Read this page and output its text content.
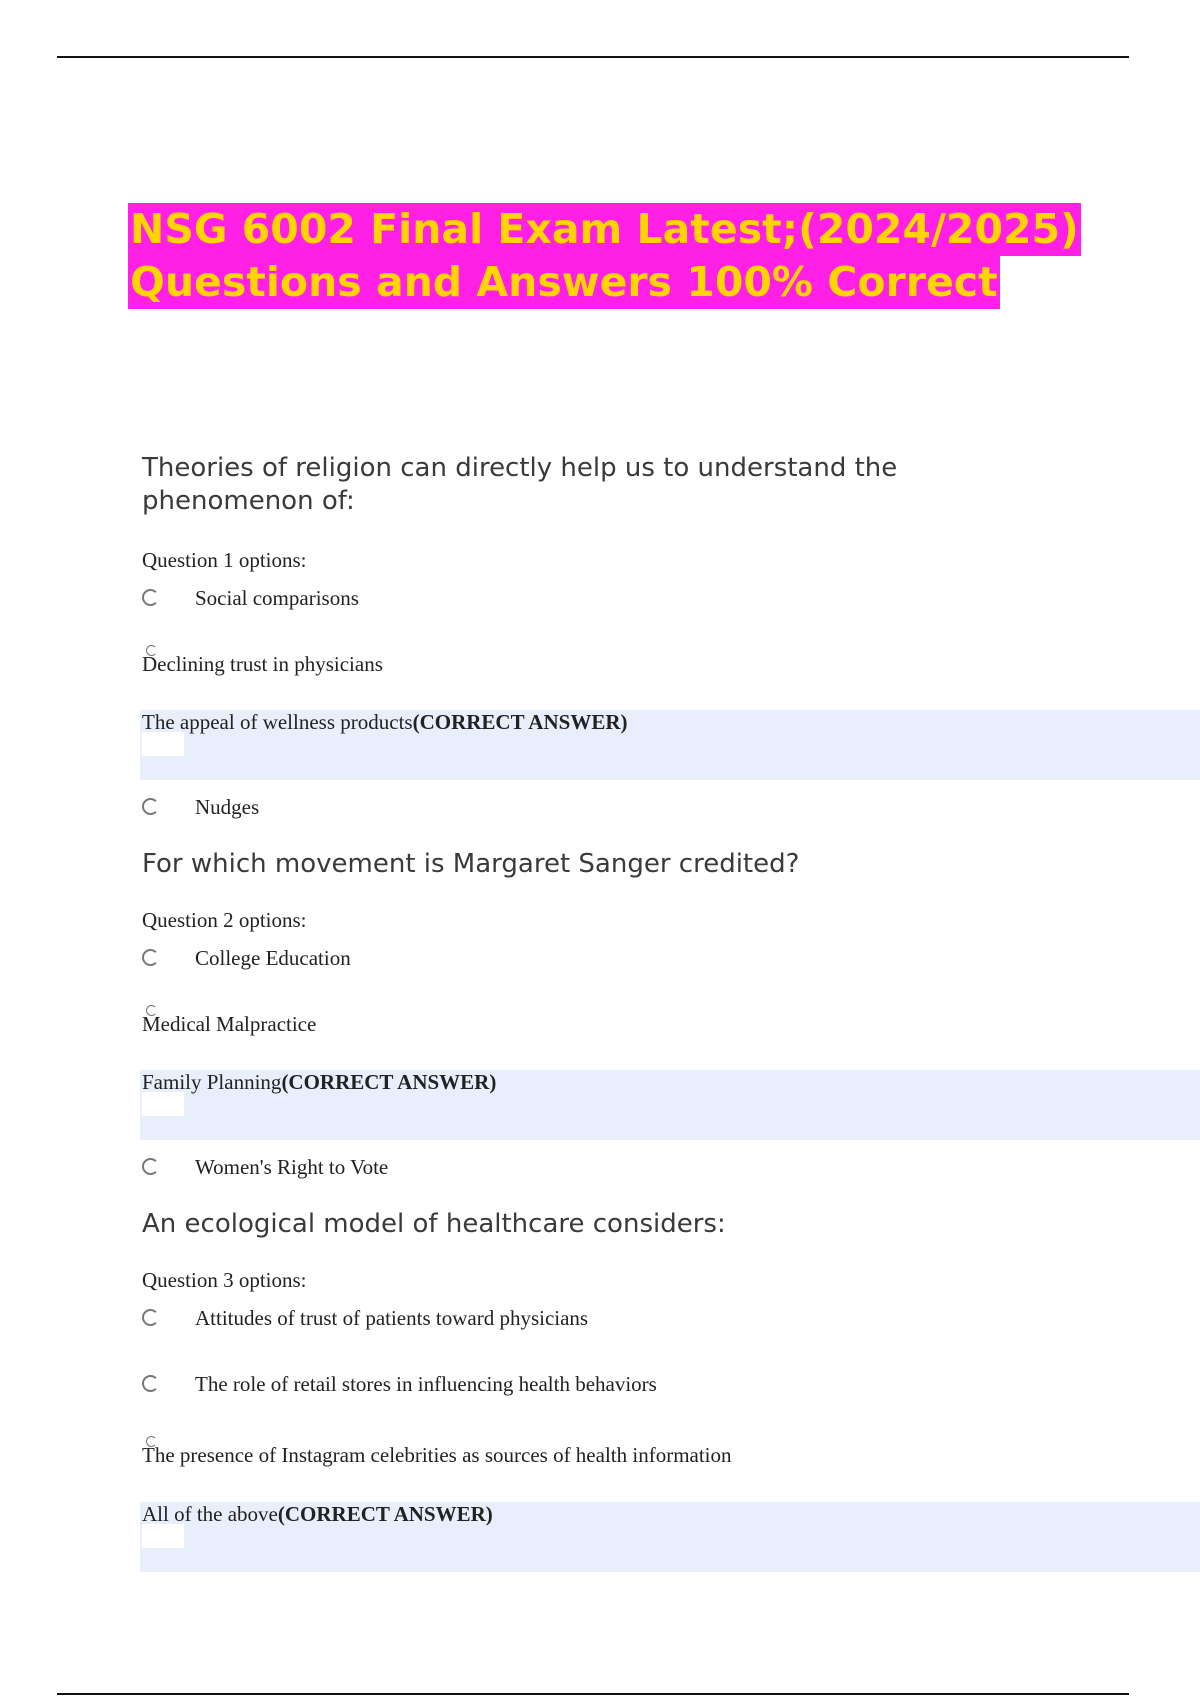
NSG 6002 Final Exam Latest;(2024/2025)
Questions and Answers 100% Correct

Theories of religion can directly help us to understand the phenomenon of:

Question 1 options:
Social comparisons
Declining trust in physicians
The appeal of wellness products(CORRECT ANSWER)
Nudges

For which movement is Margaret Sanger credited?

Question 2 options:
College Education
Medical Malpractice
Family Planning(CORRECT ANSWER)
Women's Right to Vote

An ecological model of healthcare considers:

Question 3 options:
Attitudes of trust of patients toward physicians
The role of retail stores in influencing health behaviors
The presence of Instagram celebrities as sources of health information
All of the above(CORRECT ANSWER)
